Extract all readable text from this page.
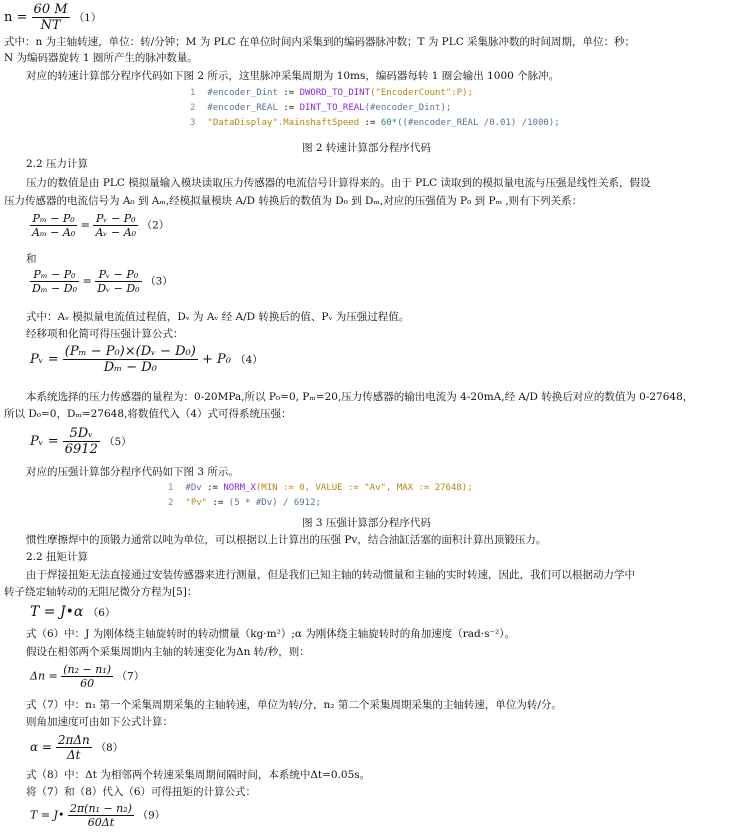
$n = \frac{60 M}{NT} (1)$
式中：n 为主轴转速，单位：转/分钟；M 为 PLC 在单位时间内采集到的编码器脉冲数；T 为 PLC 采集脉冲数的时间周期，单位：秒；
N 为编码器旋转 1 圈所产生的脉冲数量。
对应的转速计算部分程序代码如下图 2 所示，这里脉冲采集周期为 10ms，编码器每转 1 圈会输出 1000 个脉冲。
1 #encoder_Dint := DWORD_TO_DINT("EncoderCount":P);
2 #encoder_REAL := DINT_TO_REAL(#encoder_Dint);
3 "DataDisplay".MainshaftSpeed := 60*((#encoder_REAL /0.01) /1000);
图 2 转速计算部分程序代码
2.2 压力计算
压力的数值是由 PLC 模拟量输入模块读取压力传感器的电流信号计算得来的。由于 PLC 读取到的模拟量电流与压强是线性关系，假设
压力传感器的电流信号为 A₀ 到 Aₘ,经模拟量模块 A/D 转换后的数值为 D₀ 到 Dₘ,对应的压强值为 P₀ 到 Pₘ ,则有下列关系：
$\frac{\text{Pₘ − P₀}}{\text{Aₘ − A₀}} = \frac{\text{Pᵥ − P₀}}{\text{Aᵥ − A₀}} (2)$
和
$\frac{\text{Pₘ − P₀}}{\text{Dₘ − D₀}} = \frac{\text{Pᵥ − P₀}}{\text{Dᵥ − D₀}} (3)$
式中：Aᵥ 模拟量电流值过程值，Dᵥ 为 Aᵥ 经 A/D 转换后的值、Pᵥ 为压强过程值。
经移项和化简可得压强计算公式：
Pᵥ = $\frac{\text{(Pₘ − P₀)×(Dᵥ − D₀)}}{\text{Dₘ − D₀}} + P_0$ （4）
本系统选择的压力传感器的量程为：0-20MPa,所以 P₀=0, Pₘ=20,压力传感器的输出电流为 4-20mA,经 A/D 转换后对应的数值为 0-27648，
所以 D₀=0，Dₘ=27648,将数值代入（4）式可得系统压强：
Pᵥ = $\frac{\text{5Dᵥ}}{6912} (5)$
对应的压强计算部分程序代码如下图 3 所示。
1 #Dv := NORM_X(MIN := 0, VALUE := "Av", MAX := 27648);
2 "Pv" := (5 * #Dv) / 6912;
图 3 压强计算部分程序代码
惯性摩擦焊中的顶锻力通常以吨为单位，可以根据以上计算出的压强 Pv，结合油缸活塞的面积计算出顶锻压力。
2.2 扭矩计算
由于焊接扭矩无法直接通过安装传感器来进行测量，但是我们已知主轴的转动惯量和主轴的实时转速，因此，我们可以根据动力学中
转子绕定轴转动的无阻尼微分方程为[5]：
T = J•α （6）
式（6）中：J 为刚体绕主轴旋转时的转动惯量（kg·m²）;α 为刚体绕主轴旋转时的角加速度（rad·s⁻²）。
假设在相邻两个采集周期内主轴的转速变化为Δn 转/秒，则：
$\Delta n = \frac{\text{(n₂ − n₁)}}{60} (7)$
式（7）中：n₁ 第一个采集周期采集的主轴转速，单位为转/分，n₂ 第二个采集周期采集的主轴转速，单位为转/分。
则角加速度可由如下公式计算：
$\alpha = \frac{\text{2πΔn}}{\Delta t} (8)$
式（8）中：Δt 为相邻两个转速采集周期间隔时间，本系统中Δt=0.05s。
将（7）和（8）代入（6）可得扭矩的计算公式：
T = J• $\frac{\text{2π(n₁ − n₂)}}{60\Delta t} (9)$
